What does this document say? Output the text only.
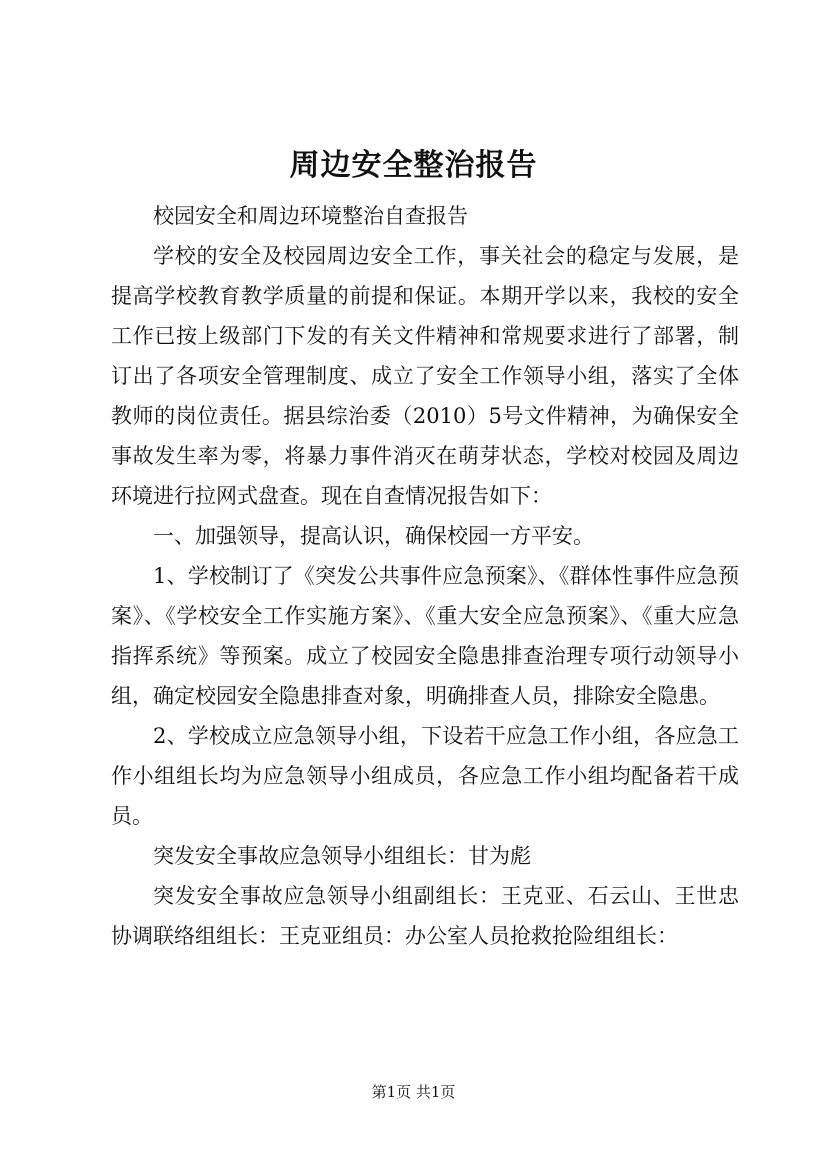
周边安全整治报告

校园安全和周边环境整治自查报告

学校的安全及校园周边安全工作，事关社会的稳定与发展，是提高学校教育教学质量的前提和保证。本期开学以来，我校的安全工作已按上级部门下发的有关文件精神和常规要求进行了部署，制订出了各项安全管理制度、成立了安全工作领导小组，落实了全体教师的岗位责任。据县综治委（2010）5号文件精神，为确保安全事故发生率为零，将暴力事件消灭在萌芽状态，学校对校园及周边环境进行拉网式盘查。现在自查情况报告如下：

一、加强领导，提高认识，确保校园一方平安。

1、学校制订了《突发公共事件应急预案》、《群体性事件应急预案》、《学校安全工作实施方案》、《重大安全应急预案》、《重大应急指挥系统》等预案。成立了校园安全隐患排查治理专项行动领导小组，确定校园安全隐患排查对象，明确排查人员，排除安全隐患。

2、学校成立应急领导小组，下设若干应急工作小组，各应急工作小组组长均为应急领导小组成员，各应急工作小组均配备若干成员。

突发安全事故应急领导小组组长：甘为彪

突发安全事故应急领导小组副组长：王克亚、石云山、王世忠协调联络组组长：王克亚组员：办公室人员抢救抢险组组长：

第1页 共1页
